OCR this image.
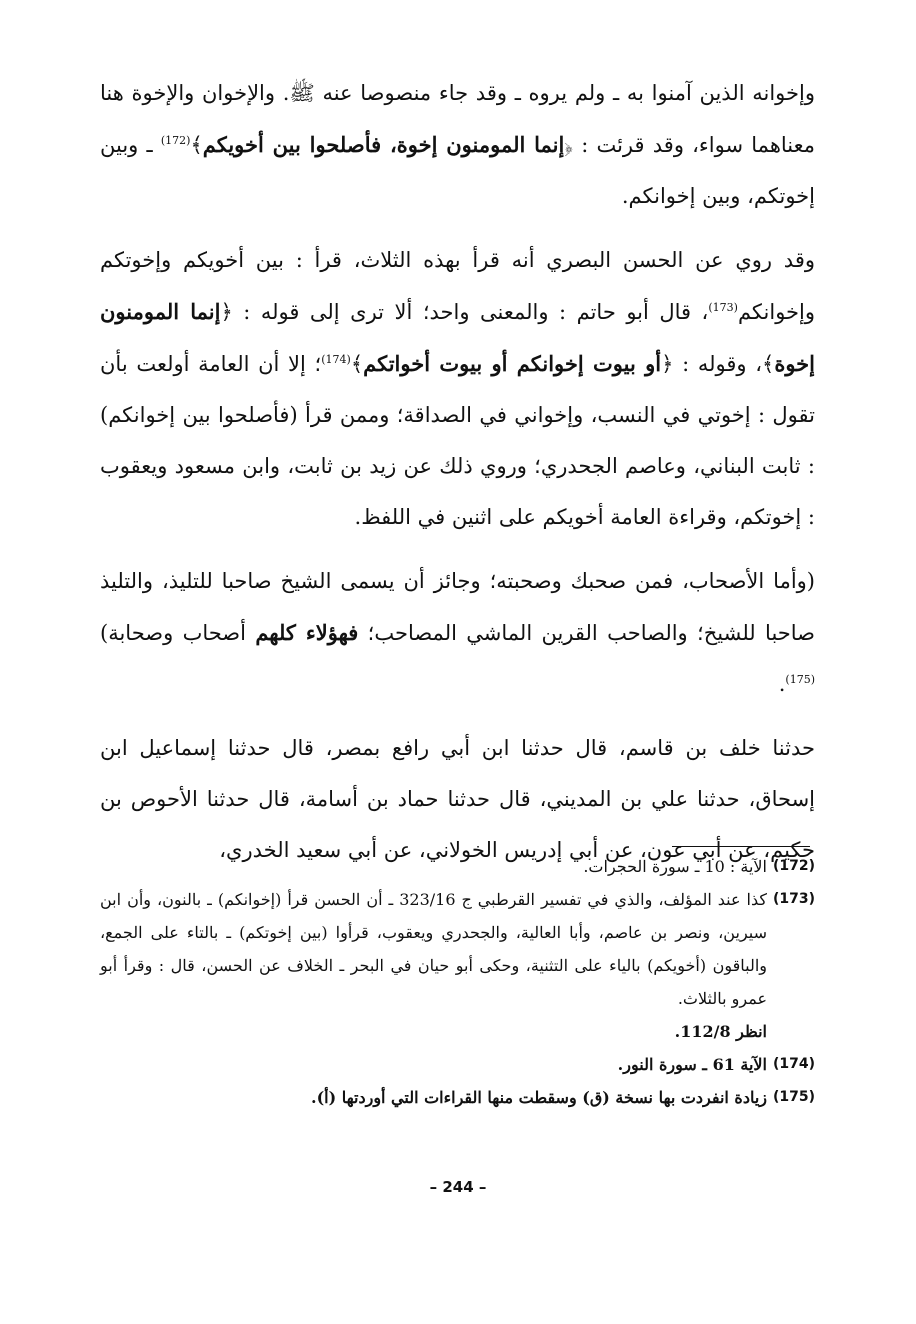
وإخوانه الذين آمنوا به ـ ولم يروه ـ وقد جاء منصوصا عنه ﷺ. والإخوان والإخوة هنا معناهما سواء، وقد قرئت : ﴿إنما المومنون إخوة، فأصلحوا بين أخويكم﴾$^{(172)}$ ـ وبين إخوتكم، وبين إخوانكم.

وقد روي عن الحسن البصري أنه قرأ بهذه الثلاث، قرأ : بين أخويكم وإخوتكم وإخوانكم$^{(173)}$، قال أبو حاتم : والمعنى واحد؛ ألا ترى إلى قوله : ﴿إنما المومنون إخوة﴾، وقوله : ﴿أو بيوت إخوانكم أو بيوت أخواتكم﴾$^{(174)}$؛ إلا أن العامة أولعت بأن تقول : إخوتي في النسب، وإخواني في الصداقة؛ وممن قرأ (فأصلحوا بين إخوانكم) : ثابت البناني، وعاصم الجحدري؛ وروي ذلك عن زيد بن ثابت، وابن مسعود ويعقوب : إخوتكم، وقراءة العامة أخويكم على اثنين في اللفظ.

(وأما الأصحاب، فمن صحبك وصحبته؛ وجائز أن يسمى الشيخ صاحبا للتليذ، والتليذ صاحبا للشيخ؛ والصاحب القرين الماشي المصاحب؛ فهؤلاء كلهم أصحاب وصحابة)$^{(175)}$.

حدثنا خلف بن قاسم، قال حدثنا ابن أبي رافع بمصر، قال حدثنا إسماعيل ابن إسحاق، حدثنا علي بن المديني، قال حدثنا حماد بن أسامة، قال حدثنا الأحوص بن حكيم، عن أبي عون، عن أبي إدريس الخولاني، عن أبي سعيد الخدري،

(172)
الآية : 10 ـ سورة الحجرات.
(173)
كذا عند المؤلف، والذي في تفسير القرطبي ج 323/16 ـ أن الحسن قرأ (إخوانكم) ـ بالنون، وأن ابن سيرين، ونصر بن عاصم، وأبا العالية، والجحدري ويعقوب، قرأوا (بين إخوتكم) ـ بالتاء على الجمع، والباقون (أخويكم) بالياء على التثنية، وحكى أبو حيان في البحر ـ الخلاف عن الحسن، قال : وقرأ أبو عمرو بالثلاث.
انظر 112/8.
(174)
الآية 61 ـ سورة النور.
(175)
زيادة انفردت بها نسخة (ق) وسقطت منها القراءات التي أوردتها (أ).
– 244 –
